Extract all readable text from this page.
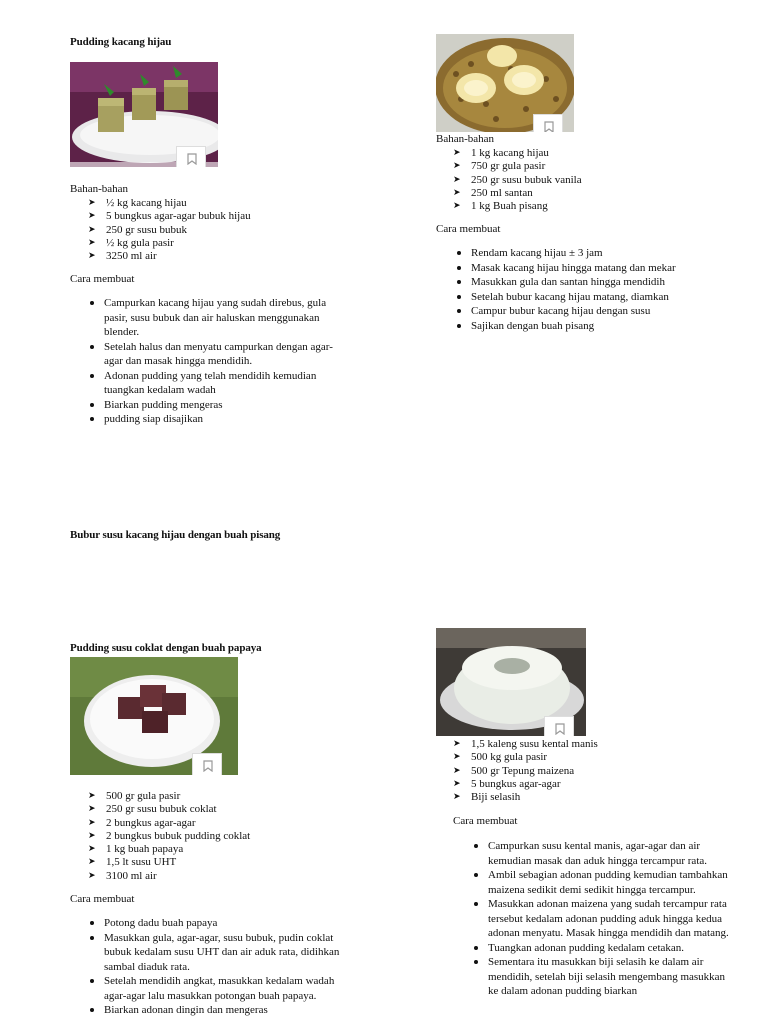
Pudding kacang hijau
Bahan-bahan
➤ ½ kg kacang hijau
➤ 5 bungkus agar-agar bubuk hijau
➤ 250 gr susu bubuk
➤ ½ kg gula pasir
➤ 3250 ml air
Cara membuat
Campurkan kacang hijau yang sudah direbus, gula pasir, susu bubuk dan air haluskan menggunakan blender.
Setelah halus dan menyatu campurkan dengan agar-agar dan masak hingga mendidih.
Adonan pudding yang telah mendidih kemudian tuangkan kedalam wadah
Biarkan pudding mengeras
pudding siap disajikan
Bahan-bahan
➤ 1 kg kacang hijau
➤ 750 gr gula pasir
➤ 250 gr susu bubuk vanila
➤ 250 ml santan
➤ 1 kg Buah pisang
Cara membuat
Rendam kacang hijau ± 3 jam
Masak kacang hijau hingga matang dan mekar
Masukkan gula dan santan hingga mendidih
Setelah bubur kacang hijau matang, diamkan
Campur bubur kacang hijau dengan susu
Sajikan dengan buah pisang
Bubur susu kacang hijau dengan buah pisang
Pudding susu coklat dengan buah papaya
➤ 500 gr gula pasir
➤ 250 gr susu bubuk coklat
➤ 2 bungkus agar-agar
➤ 2 bungkus bubuk pudding coklat
➤ 1 kg buah papaya
➤ 1,5 lt susu UHT
➤ 3100 ml air
Cara membuat
Potong dadu buah papaya
Masukkan gula, agar-agar, susu bubuk, pudin coklat bubuk kedalam susu UHT dan air aduk rata, didihkan sambal diaduk rata.
Setelah mendidih angkat, masukkan kedalam wadah agar-agar lalu masukkan potongan buah papaya.
Biarkan adonan dingin dan mengeras
➤ 1,5 kaleng susu kental manis
➤ 500 kg gula pasir
➤ 500 gr Tepung maizena
➤ 5 bungkus agar-agar
➤ Biji selasih
Cara membuat
Campurkan susu kental manis, agar-agar dan air kemudian masak dan aduk hingga tercampur rata.
Ambil sebagian adonan pudding kemudian tambahkan maizena sedikit demi sedikit hingga tercampur.
Masukkan adonan maizena yang sudah tercampur rata tersebut kedalam adonan pudding aduk hingga kedua adonan menyatu. Masak hingga mendidih dan matang.
Tuangkan adonan pudding kedalam cetakan.
Sementara itu masukkan biji selasih ke dalam air mendidih, setelah biji selasih mengembang masukkan ke dalam adonan pudding biarkan
